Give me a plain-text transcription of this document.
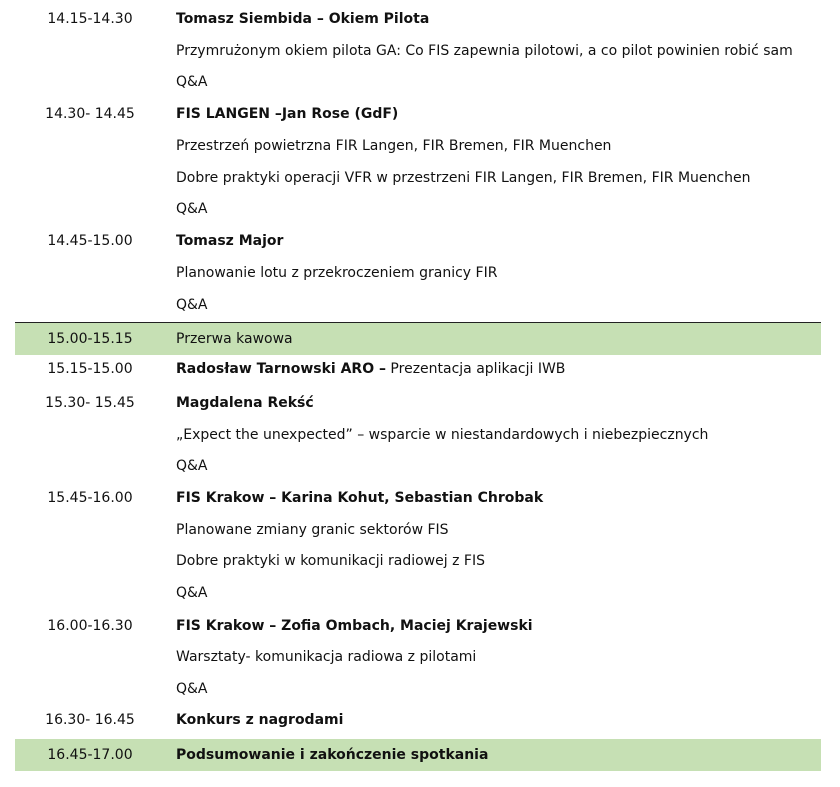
14.15-14.30	Tomasz Siembida – Okiem Pilota
Przymrużonym okiem pilota GA: Co FIS zapewnia pilotowi, a co pilot powinien robić sam
Q&A
14.30- 14.45	FIS LANGEN –Jan Rose (GdF)
Przestrzeń powietrzna FIR Langen, FIR Bremen, FIR Muenchen
Dobre praktyki operacji VFR w przestrzeni FIR Langen, FIR Bremen, FIR Muenchen
Q&A
14.45-15.00	Tomasz Major
Planowanie lotu z przekroczeniem granicy FIR
Q&A
15.00-15.15	Przerwa kawowa
15.15-15.00	Radosław Tarnowski ARO – Prezentacja aplikacji IWB
15.30- 15.45	Magdalena Rekść
„Expect the unexpected” – wsparcie w niestandardowych i niebezpiecznych
Q&A
15.45-16.00	FIS Krakow – Karina Kohut, Sebastian Chrobak
Planowane zmiany granic sektorów FIS
Dobre praktyki w komunikacji radiowej z FIS
Q&A
16.00-16.30	FIS Krakow – Zofia Ombach, Maciej Krajewski
Warsztaty- komunikacja radiowa z pilotami
Q&A
16.30- 16.45	Konkurs z nagrodami
16.45-17.00	Podsumowanie i zakończenie spotkania
